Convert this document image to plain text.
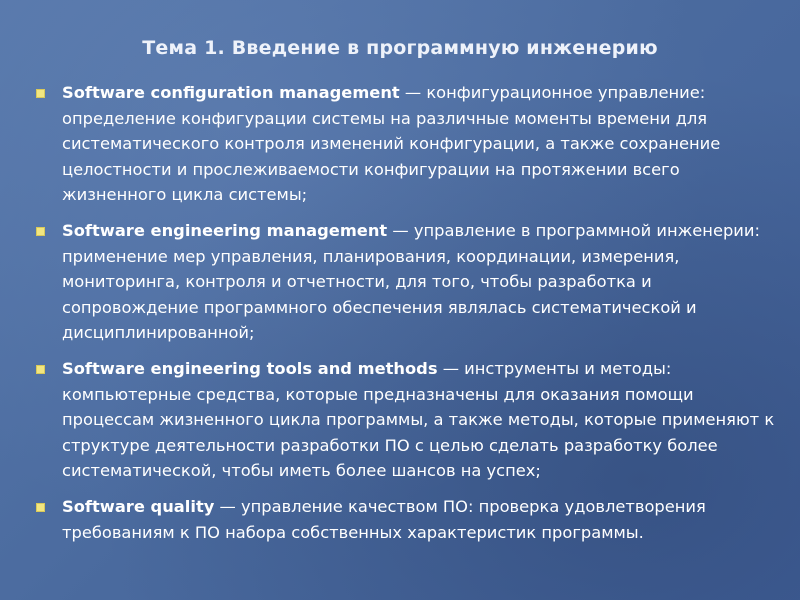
Тема 1. Введение в программную инженерию
Software configuration management — конфигурационное управление: определение конфигурации системы на различные моменты времени для систематического контроля изменений конфигурации, а также сохранение целостности и прослеживаемости конфигурации на протяжении всего жизненного цикла системы;
Software engineering management — управление в программной инженерии: применение мер управления, планирования, координации, измерения, мониторинга, контроля и отчетности, для того, чтобы разработка и сопровождение программного обеспечения являлась систематической и дисциплинированной;
Software engineering tools and methods — инструменты и методы: компьютерные средства, которые предназначены для оказания помощи процессам жизненного цикла программы, а также методы, которые применяют к структуре деятельности разработки ПО с целью сделать разработку более систематической, чтобы иметь более шансов на успех;
Software quality — управление качеством ПО: проверка удовлетворения требованиям к ПО набора собственных характеристик программы.
